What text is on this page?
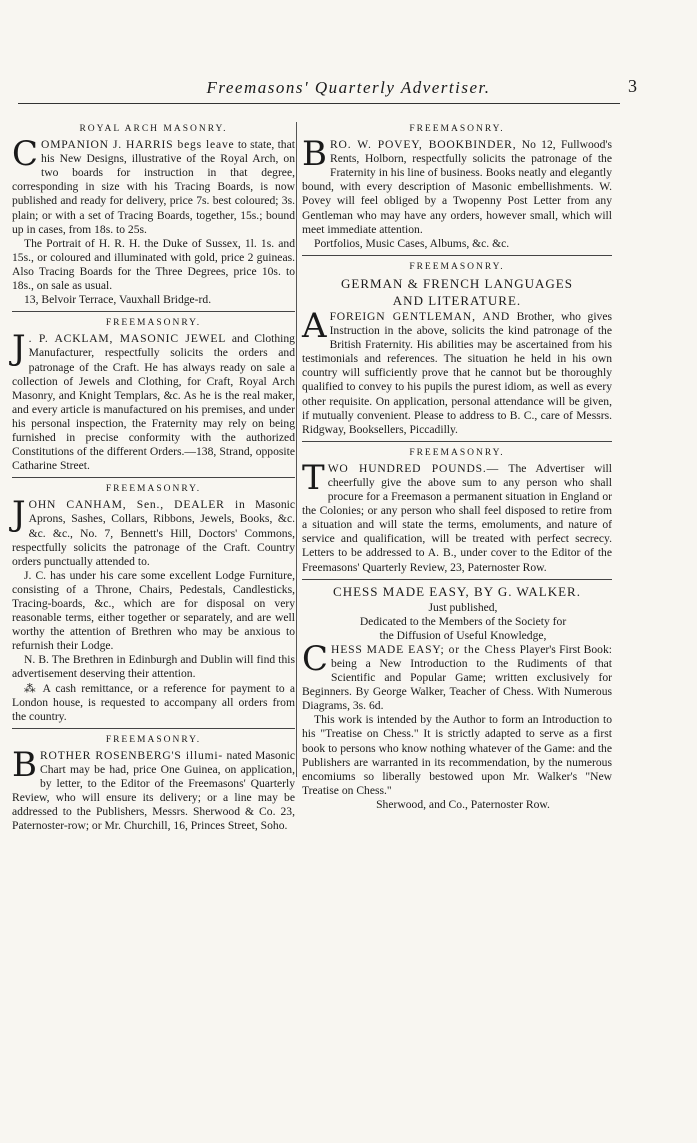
Freemasons' Quarterly Advertiser.	3
ROYAL ARCH MASONRY.

COMPANION J. HARRIS begs leave to state, that his New Designs, illustrative of the Royal Arch, on two boards for instruction in that degree, corresponding in size with his Tracing Boards, is now published and ready for delivery, price 7s. best coloured; 3s. plain; or with a set of Tracing Boards, together, 15s.; bound up in cases, from 18s. to 25s.

The Portrait of H. R. H. the Duke of Sussex, 1l. 1s. and 15s., or coloured and illuminated with gold, price 2 guineas. Also Tracing Boards for the Three Degrees, price 10s. to 18s., on sale as usual.

13, Belvoir Terrace, Vauxhall Bridge-rd.

FREEMASONRY.

J . P. ACKLAM, MASONIC JEWEL and Clothing Manufacturer, respectfully solicits the orders and patronage of the Craft. He has always ready on sale a collection of Jewels and Clothing, for Craft, Royal Arch Masonry, and Knight Templars, &c. As he is the real maker, and every article is manufactured on his premises, and under his personal inspection, the Fraternity may rely on being furnished in precise conformity with the authorized Constitutions of the different Orders.—138, Strand, opposite Catharine Street.

FREEMASONRY.

JOHN CANHAM, Sen., DEALER in Masonic Aprons, Sashes, Collars, Ribbons, Jewels, Books, &c. &c. &c., No. 7, Bennett's Hill, Doctors' Commons, respectfully solicits the patronage of the Craft. Country orders punctually attended to.

J. C. has under his care some excellent Lodge Furniture, consisting of a Throne, Chairs, Pedestals, Candlesticks, Tracing-boards, &c., which are for disposal on very reasonable terms, either together or separately, and are well worthy the attention of Brethren who may be anxious to refurnish their Lodge.

N. B. The Brethren in Edinburgh and Dublin will find this advertisement deserving their attention.

⁂ A cash remittance, or a reference for payment to a London house, is requested to accompany all orders from the country.

FREEMASONRY.

BROTHER ROSENBERG'S illumi- nated Masonic Chart may be had, price One Guinea, on application, by letter, to the Editor of the Freemasons' Quarterly Review, who will ensure its delivery; or a line may be addressed to the Publishers, Messrs. Sherwood & Co. 23, Paternoster-row; or Mr. Churchill, 16, Princes Street, Soho.

FREEMASONRY.

BRO. W. POVEY, BOOKBINDER, No 12, Fullwood's Rents, Holborn, respectfully solicits the patronage of the Fraternity in his line of business. Books neatly and elegantly bound, with every description of Masonic embellishments. W. Povey will feel obliged by a Twopenny Post Letter from any Gentleman who may have any orders, however small, which will meet immediate attention.

Portfolios, Music Cases, Albums, &c. &c.

FREEMASONRY.
GERMAN & FRENCH LANGUAGES
AND LITERATURE.

AFOREIGN GENTLEMAN, AND Brother, who gives Instruction in the above, solicits the kind patronage of the British Fraternity. His abilities may be ascertained from his testimonials and references. The situation he held in his own country will sufficiently prove that he cannot but be thoroughly qualified to convey to his pupils the purest idiom, as well as every other requisite. On application, personal attendance will be given, if mutually convenient. Please to address to B. C., care of Messrs. Ridgway, Booksellers, Piccadilly.

FREEMASONRY.

TWO HUNDRED POUNDS.— The Advertiser will cheerfully give the above sum to any person who shall procure for a Freemason a permanent situation in England or the Colonies; or any person who shall feel disposed to retire from a situation and will state the terms, emoluments, and nature of service and qualification, will be treated with perfect secrecy. Letters to be addressed to A. B., under cover to the Editor of the Freemasons' Quarterly Review, 23, Paternoster Row.

CHESS MADE EASY, BY G. WALKER.

Just published,

Dedicated to the Members of the Society for

the Diffusion of Useful Knowledge,

CHESS MADE EASY; or the Chess Player's First Book: being a New Introduction to the Rudiments of that Scientific and Popular Game; written exclusively for Beginners. By George Walker, Teacher of Chess. With Numerous Diagrams, 3s. 6d.

This work is intended by the Author to form an Introduction to his "Treatise on Chess." It is strictly adapted to serve as a first book to persons who know nothing whatever of the Game: and the Publishers are warranted in its recommendation, by the numerous encomiums so liberally bestowed upon Mr. Walker's "New Treatise on Chess."

Sherwood, and Co., Paternoster Row.
